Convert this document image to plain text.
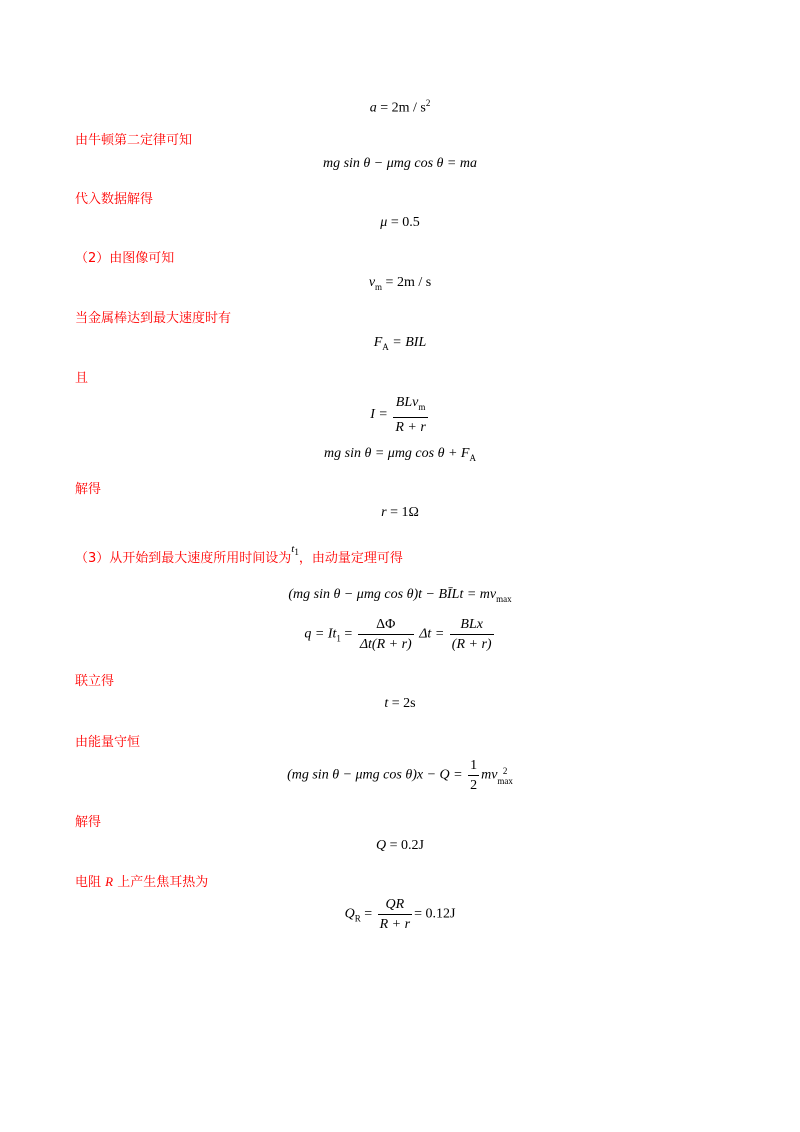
$a = 2m / s^2$
由牛顿第二定律可知
mg sin θ − μmg cos θ = ma
代入数据解得
μ = 0.5
（2）由图像可知
$v_m = 2m / s$
当金属棒达到最大速度时有
$F_A$ = BIL
且
$I = \frac{BLv_m}{R + r}$
mg sin θ = μmg $\cos \theta + F_A$
解得
r = 1Ω
（3）从开始到最大速度所用时间设为$^{t_1}$，由动量定理可得
(mg sin θ − μmg cos θ)t − BĪLt = $mv_{max}$
$q = It_1 = \frac{\Delta\Phi}{\Delta t(R + r)}$ $\Delta t = \frac{\text{BLx}}{(R + r)}$
联立得
t = 2s
由能量守恒
(mg sin θ − μmg $\cos \theta)x - Q = \frac{1}{2}$ mv 2
max
解得
Q = 0.2J
电阻 R 上产生焦耳热为
$Q_R = \frac{QR}{R + r} = 0.12J$
